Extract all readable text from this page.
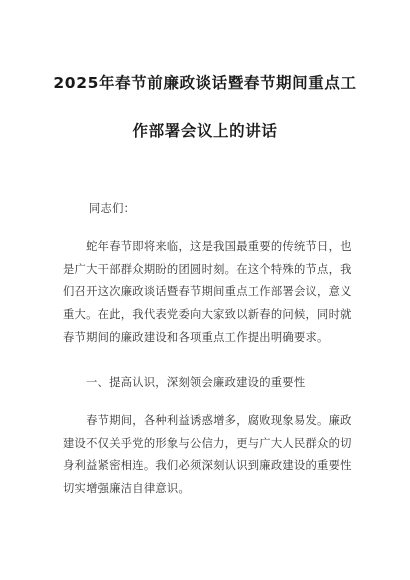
2025年春节前廉政谈话暨春节期间重点工
作部署会议上的讲话
同志们：
　　蛇年春节即将来临，这是我国最重要的传统节日，也
是广大干部群众期盼的团圆时刻。在这个特殊的节点，我
们召开这次廉政谈话暨春节期间重点工作部署会议，意义
重大。在此，我代表党委向大家致以新春的问候，同时就
春节期间的廉政建设和各项重点工作提出明确要求。
一、提高认识，深刻领会廉政建设的重要性
　　春节期间，各种利益诱惑增多，腐败现象易发。廉政
建设不仅关乎党的形象与公信力，更与广大人民群众的切
身利益紧密相连。我们必须深刻认识到廉政建设的重要性
切实增强廉洁自律意识。
